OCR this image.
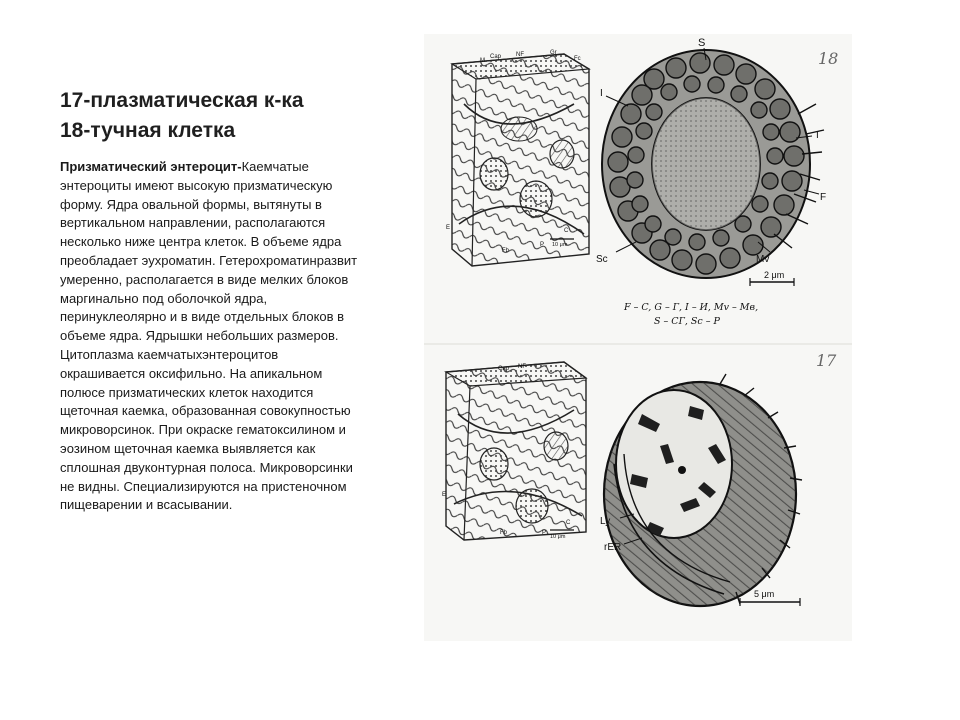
17-плазматическая к-ка
18-тучная клетка
Призматический энтероцит-Каемчатые энтероциты имеют высокую призматическую форму. Ядра овальной формы, вытянуты в вертикальном направлении, располагаются несколько ниже центра клеток. В объеме ядра преобладает эухроматин. Гетерохроматинразвит умеренно, располагается в виде мелких блоков маргинально под оболочкой ядра, перинуклеолярно и в виде отдельных блоков в объеме ядра. Ядрышки небольших размеров. Цитоплазма каемчатыхэнтероцитов окрашивается оксифильно. На апикальном полюсе призматических клеток находится щеточная каемка, образованная совокупностью микроворсинок. При окраске гематоксилином и эозином щеточная каемка выявляется как сплошная двуконтурная полоса. Микроворсинки не видны. Специализируются на пристеночном пищеварении и всасывании.
M
Cap NF	Gr
Fc
E
P
C
Fb
10 μm
S
I
I
F
Sc	Mv
2 μm
18
F – C, G – Г, I – И, Mv – Мв,
S – СГ, Sc – P
Cap NF
E
Fb	P
C
10 μm
Ly
rER
5 μm
17
